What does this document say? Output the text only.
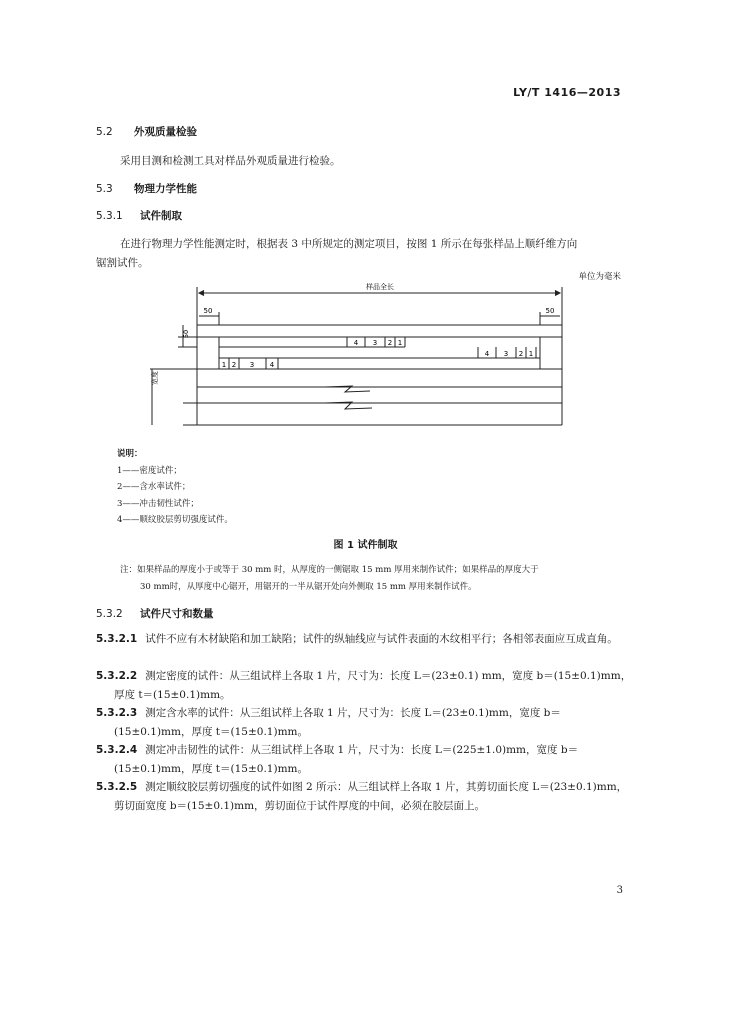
LY/T 1416—2013
5.2 外观质量检验
采用目测和检测工具对样品外观质量进行检验。
5.3 物理力学性能
5.3.1 试件制取
在进行物理力学性能测定时，根据表 3 中所规定的测定项目，按图 1 所示在每张样品上顺纤维方向
锯割试件。
单位为毫米
样品全长
50	50
50
宽度
4 3 2 1
4 3 2 1
1 2 3 4
说明：
1——密度试件；
2——含水率试件；
3——冲击韧性试件；
4——顺纹胶层剪切强度试件。
图 1 试件制取
注：如果样品的厚度小于或等于 30 mm 时，从厚度的一侧锯取 15 mm 厚用来制作试件；如果样品的厚度大于
30 mm时，从厚度中心锯开，用锯开的一半从锯开处向外侧取 15 mm 厚用来制作试件。
5.3.2 试件尺寸和数量
5.3.2.1 试件不应有木材缺陷和加工缺陷；试件的纵轴线应与试件表面的木纹相平行；各相邻表面应互成直角。
5.3.2.2 测定密度的试件：从三组试样上各取 1 片，尺寸为：长度 L＝(23±0.1) mm，宽度 b＝(15±0.1)mm，厚度 t＝(15±0.1)mm。
5.3.2.3 测定含水率的试件：从三组试样上各取 1 片，尺寸为：长度 L＝(23±0.1)mm，宽度 b＝(15±0.1)mm，厚度 t＝(15±0.1)mm。
5.3.2.4 测定冲击韧性的试件：从三组试样上各取 1 片，尺寸为：长度 L＝(225±1.0)mm，宽度 b＝(15±0.1)mm，厚度 t＝(15±0.1)mm。
5.3.2.5 测定顺纹胶层剪切强度的试件如图 2 所示：从三组试样上各取 1 片，其剪切面长度 L＝(23±0.1)mm，剪切面宽度 b＝(15±0.1)mm，剪切面位于试件厚度的中间，必须在胶层面上。
3
